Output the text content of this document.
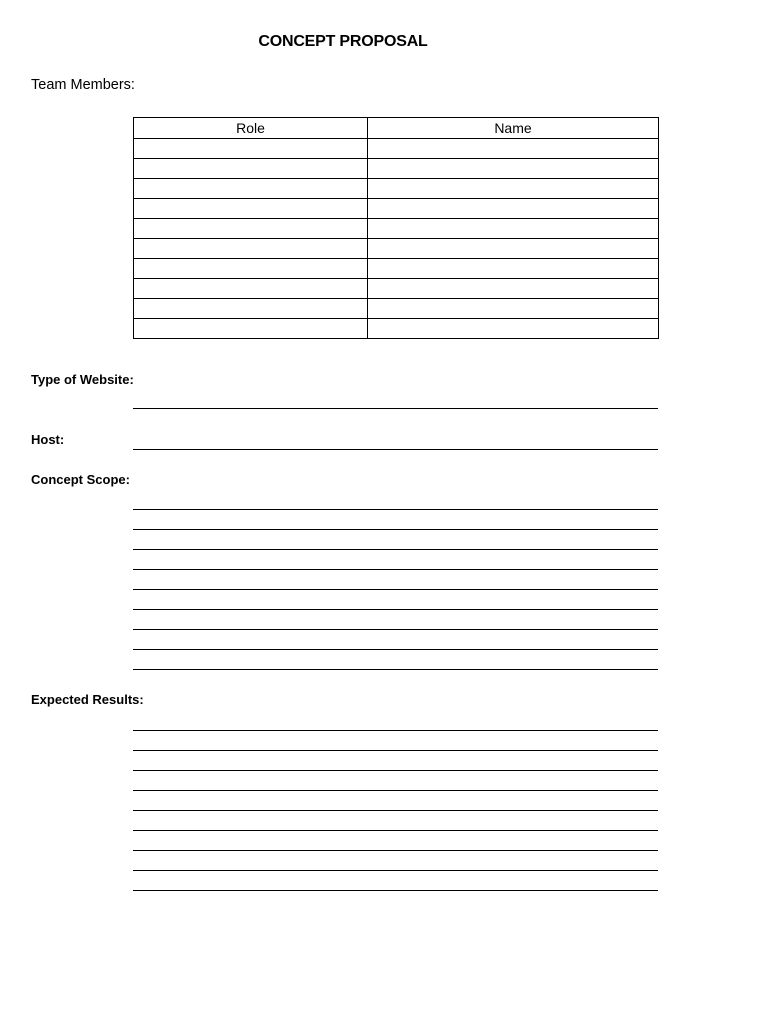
CONCEPT PROPOSAL
Team Members:
Role	Name

Type of Website:
Host:
Concept Scope:
Expected Results:
